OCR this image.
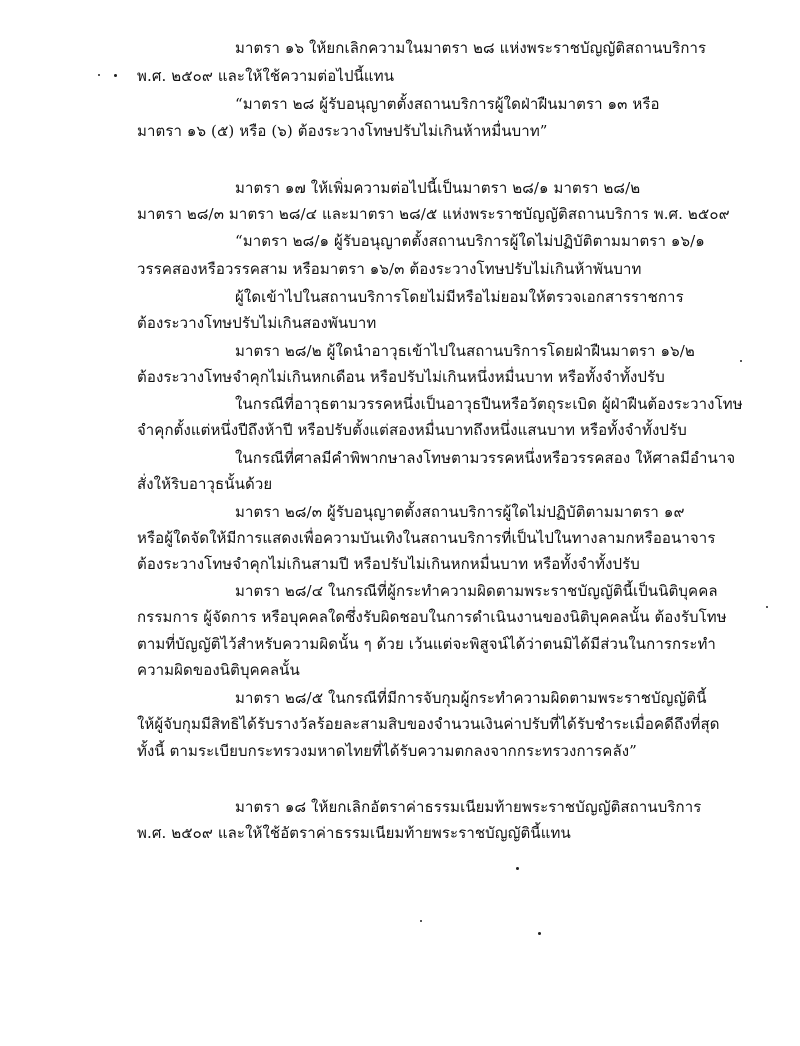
มาตรา ๑๖ ให้ยกเลิกความในมาตรา ๒๘ แห่งพระราชบัญญัติสถานบริการ
พ.ศ. ๒๕๐๙ และให้ใช้ความต่อไปนี้แทน
“มาตรา ๒๘ ผู้รับอนุญาตตั้งสถานบริการผู้ใดฝ่าฝืนมาตรา ๑๓ หรือ
มาตรา ๑๖ (๕) หรือ (๖) ต้องระวางโทษปรับไม่เกินห้าหมื่นบาท”
มาตรา ๑๗ ให้เพิ่มความต่อไปนี้เป็นมาตรา ๒๘/๑ มาตรา ๒๘/๒
มาตรา ๒๘/๓ มาตรา ๒๘/๔ และมาตรา ๒๘/๕ แห่งพระราชบัญญัติสถานบริการ พ.ศ. ๒๕๐๙
“มาตรา ๒๘/๑ ผู้รับอนุญาตตั้งสถานบริการผู้ใดไม่ปฏิบัติตามมาตรา ๑๖/๑
วรรคสองหรือวรรคสาม หรือมาตรา ๑๖/๓ ต้องระวางโทษปรับไม่เกินห้าพันบาท
ผู้ใดเข้าไปในสถานบริการโดยไม่มีหรือไม่ยอมให้ตรวจเอกสารราชการ
ต้องระวางโทษปรับไม่เกินสองพันบาท
มาตรา ๒๘/๒ ผู้ใดนำอาวุธเข้าไปในสถานบริการโดยฝ่าฝืนมาตรา ๑๖/๒
ต้องระวางโทษจำคุกไม่เกินหกเดือน หรือปรับไม่เกินหนึ่งหมื่นบาท หรือทั้งจำทั้งปรับ
ในกรณีที่อาวุธตามวรรคหนึ่งเป็นอาวุธปืนหรือวัตถุระเบิด ผู้ฝ่าฝืนต้องระวางโทษ
จำคุกตั้งแต่หนึ่งปีถึงห้าปี หรือปรับตั้งแต่สองหมื่นบาทถึงหนึ่งแสนบาท หรือทั้งจำทั้งปรับ
ในกรณีที่ศาลมีคำพิพากษาลงโทษตามวรรคหนึ่งหรือวรรคสอง ให้ศาลมีอำนาจ
สั่งให้ริบอาวุธนั้นด้วย
มาตรา ๒๘/๓ ผู้รับอนุญาตตั้งสถานบริการผู้ใดไม่ปฏิบัติตามมาตรา ๑๙
หรือผู้ใดจัดให้มีการแสดงเพื่อความบันเทิงในสถานบริการที่เป็นไปในทางลามกหรืออนาจาร
ต้องระวางโทษจำคุกไม่เกินสามปี หรือปรับไม่เกินหกหมื่นบาท หรือทั้งจำทั้งปรับ
มาตรา ๒๘/๔ ในกรณีที่ผู้กระทำความผิดตามพระราชบัญญัตินี้เป็นนิติบุคคล
กรรมการ ผู้จัดการ หรือบุคคลใดซึ่งรับผิดชอบในการดำเนินงานของนิติบุคคลนั้น ต้องรับโทษ
ตามที่บัญญัติไว้สำหรับความผิดนั้น ๆ ด้วย เว้นแต่จะพิสูจน์ได้ว่าตนมิได้มีส่วนในการกระทำ
ความผิดของนิติบุคคลนั้น
มาตรา ๒๘/๕ ในกรณีที่มีการจับกุมผู้กระทำความผิดตามพระราชบัญญัตินี้
ให้ผู้จับกุมมีสิทธิได้รับรางวัลร้อยละสามสิบของจำนวนเงินค่าปรับที่ได้รับชำระเมื่อคดีถึงที่สุด
ทั้งนี้ ตามระเบียบกระทรวงมหาดไทยที่ได้รับความตกลงจากกระทรวงการคลัง”
มาตรา ๑๘ ให้ยกเลิกอัตราค่าธรรมเนียมท้ายพระราชบัญญัติสถานบริการ
พ.ศ. ๒๕๐๙ และให้ใช้อัตราค่าธรรมเนียมท้ายพระราชบัญญัตินี้แทน
